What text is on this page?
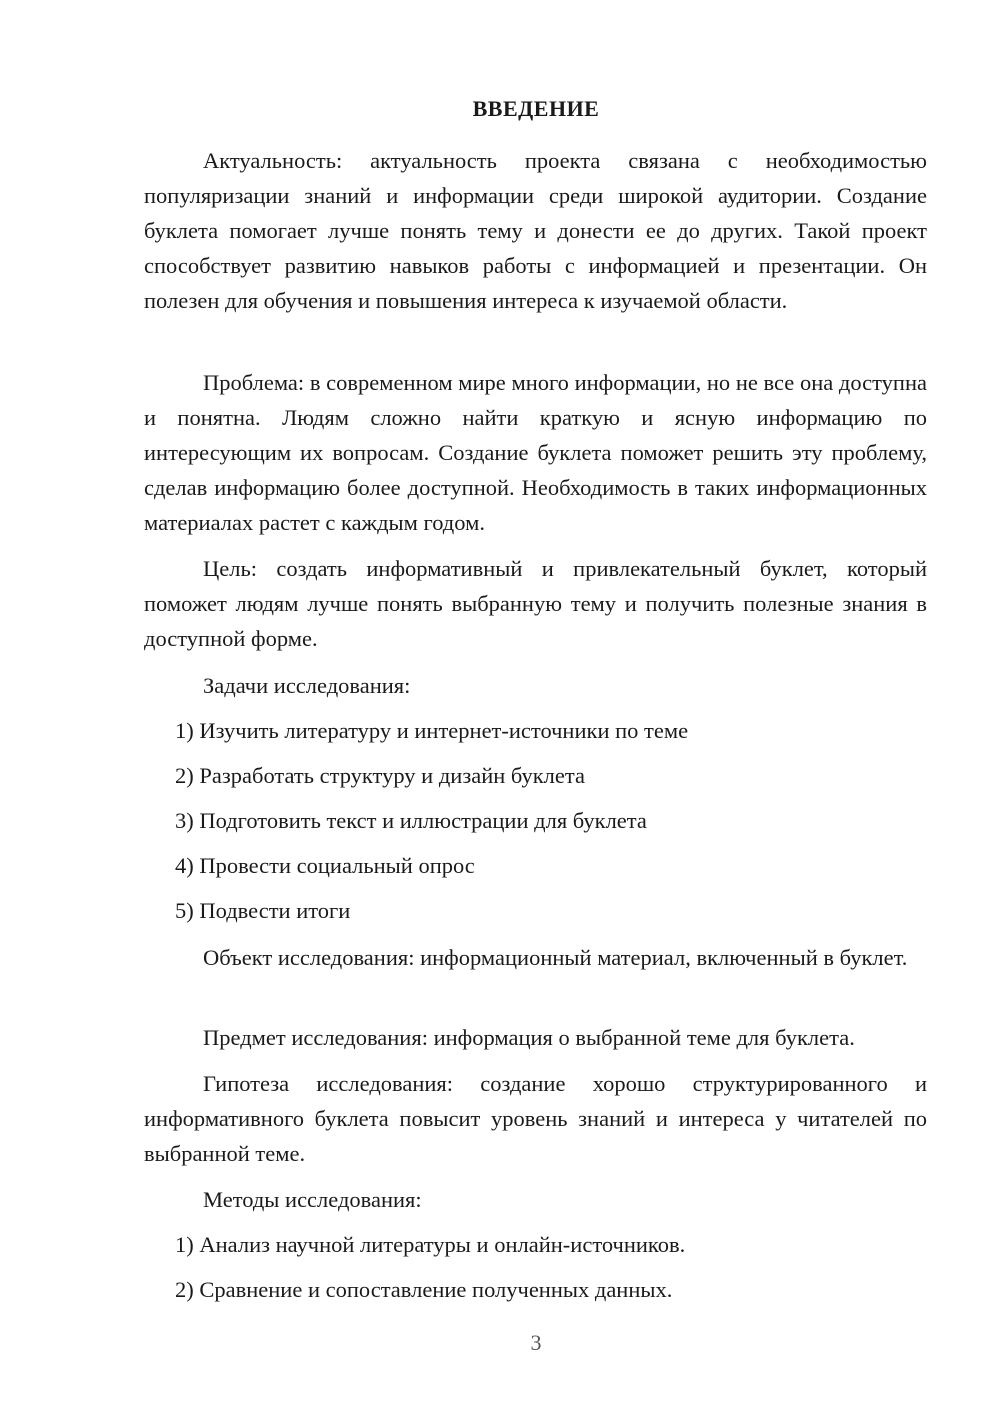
ВВЕДЕНИЕ

Актуальность: актуальность проекта связана с необходимостью популяризации знаний и информации среди широкой аудитории. Создание буклета помогает лучше понять тему и донести ее до других. Такой проект способствует развитию навыков работы с информацией и презентации. Он полезен для обучения и повышения интереса к изучаемой области.

Проблема: в современном мире много информации, но не все она доступна и понятна. Людям сложно найти краткую и ясную информацию по интересующим их вопросам. Создание буклета поможет решить эту проблему, сделав информацию более доступной. Необходимость в таких информационных материалах растет с каждым годом.

Цель: создать информативный и привлекательный буклет, который поможет людям лучше понять выбранную тему и получить полезные знания в доступной форме.

Задачи исследования:
1) Изучить литературу и интернет-источники по теме
2) Разработать структуру и дизайн буклета
3) Подготовить текст и иллюстрации для буклета
4) Провести социальный опрос
5) Подвести итоги

Объект исследования: информационный материал, включенный в буклет.

Предмет исследования: информация о выбранной теме для буклета.

Гипотеза исследования: создание хорошо структурированного и информативного буклета повысит уровень знаний и интереса у читателей по выбранной теме.

Методы исследования:
1) Анализ научной литературы и онлайн-источников.
2) Сравнение и сопоставление полученных данных.
3
